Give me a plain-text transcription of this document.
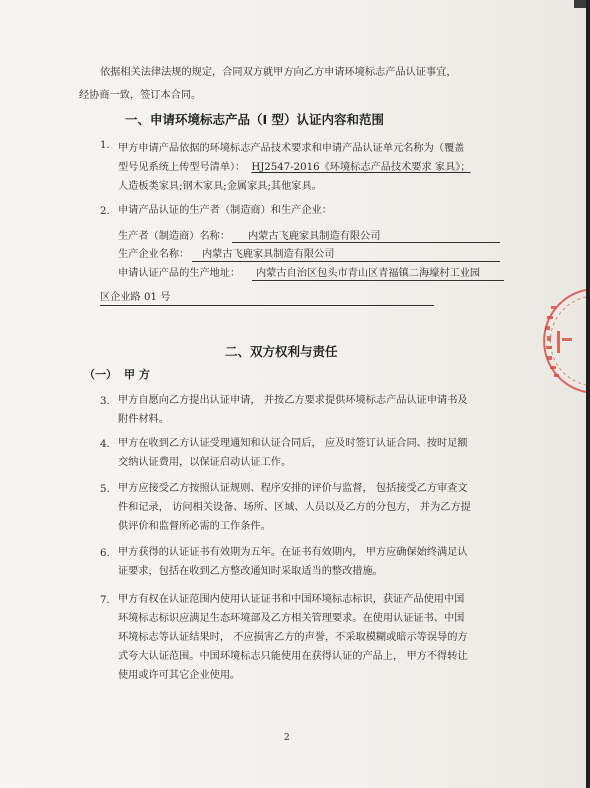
依据相关法律法规的规定，合同双方就甲方向乙方申请环境标志产品认证事宜，
经协商一致，签订本合同。
一、申请环境标志产品（I 型）认证内容和范围
1. 甲方申请产品依据的环境标志产品技术要求和申请产品认证单元名称为（覆盖
型号见系统上传型号清单）： HJ2547-2016《环境标志产品技术要求 家具》；
人造板类家具;钢木家具;金属家具;其他家具。
2. 申请产品认证的生产者（制造商）和生产企业：
生产者（制造商）名称： 内蒙古飞鹿家具制造有限公司
生产企业名称： 内蒙古飞鹿家具制造有限公司
申请认证产品的生产地址： 内蒙古自治区包头市青山区青福镇二海壕村工业园
区企业路 01 号
二、双方权利与责任
（一） 甲 方
3. 甲方自愿向乙方提出认证申请， 并按乙方要求提供环境标志产品认证申请书及
附件材料。
4. 甲方在收到乙方认证受理通知和认证合同后， 应及时签订认证合同、按时足额
交纳认证费用，以保证启动认证工作。
5. 甲方应接受乙方按照认证规则、程序安排的评价与监督， 包括接受乙方审查文
件和记录， 访问相关设备、场所、区域、人员以及乙方的分包方， 并为乙方提
供评价和监督所必需的工作条件。
6. 甲方获得的认证证书有效期为五年。在证书有效期内， 甲方应确保始终满足认
证要求，包括在收到乙方整改通知时采取适当的整改措施。
7. 甲方有权在认证范围内使用认证证书和中国环境标志标识，获证产品使用中国
环境标志标识应满足生态环境部及乙方相关管理要求。在使用认证证书、中国
环境标志等认证结果时， 不应损害乙方的声誉，不采取模糊或暗示等误导的方
式夸大认证范围。中国环境标志只能使用在获得认证的产品上， 甲方不得转让
使用或许可其它企业使用。
2
